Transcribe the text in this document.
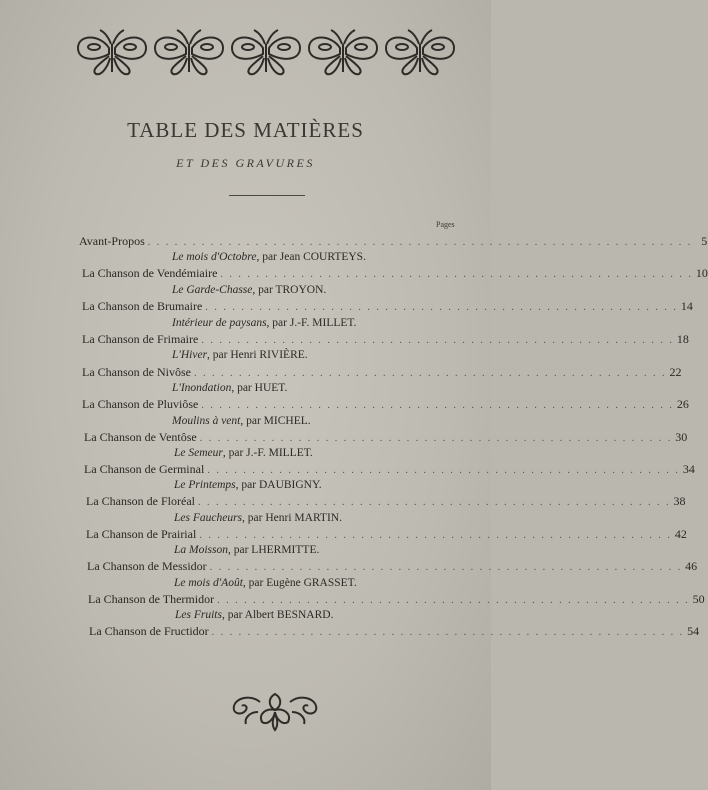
TABLE DES MATIÈRES
ET DES GRAVURES
Pages
Avant-Propos . . . . . . . . . . . . . . . . . . . . . . . . . . . . . . . . . . . . . . . . . . . . . . . . . . . . . . . . . . . . . 5
Le mois d'Octobre, par Jean COURTEYS.
La Chanson de Vendémiaire . . . . . . . . . . . . . . . . . . . . . . . . . . . . . . . . . . . . . . . . . . . . . . . . . . . . . 10
Le Garde-Chasse, par TROYON.
La Chanson de Brumaire . . . . . . . . . . . . . . . . . . . . . . . . . . . . . . . . . . . . . . . . . . . . . . . . . . . . . 14
Intérieur de paysans, par J.-F. MILLET.
La Chanson de Frimaire . . . . . . . . . . . . . . . . . . . . . . . . . . . . . . . . . . . . . . . . . . . . . . . . . . . . . 18
L'Hiver, par Henri RIVIÈRE.
La Chanson de Nivôse . . . . . . . . . . . . . . . . . . . . . . . . . . . . . . . . . . . . . . . . . . . . . . . . . . . . . 22
L'Inondation, par HUET.
La Chanson de Pluviôse . . . . . . . . . . . . . . . . . . . . . . . . . . . . . . . . . . . . . . . . . . . . . . . . . . . . . 26
Moulins à vent, par MICHEL.
La Chanson de Ventôse . . . . . . . . . . . . . . . . . . . . . . . . . . . . . . . . . . . . . . . . . . . . . . . . . . . . . 30
Le Semeur, par J.-F. MILLET.
La Chanson de Germinal . . . . . . . . . . . . . . . . . . . . . . . . . . . . . . . . . . . . . . . . . . . . . . . . . . . . . 34
Le Printemps, par DAUBIGNY.
La Chanson de Floréal . . . . . . . . . . . . . . . . . . . . . . . . . . . . . . . . . . . . . . . . . . . . . . . . . . . . . 38
Les Faucheurs, par Henri MARTIN.
La Chanson de Prairial . . . . . . . . . . . . . . . . . . . . . . . . . . . . . . . . . . . . . . . . . . . . . . . . . . . . . 42
La Moisson, par LHERMITTE.
La Chanson de Messidor . . . . . . . . . . . . . . . . . . . . . . . . . . . . . . . . . . . . . . . . . . . . . . . . . . . . . 46
Le mois d'Août, par Eugène GRASSET.
La Chanson de Thermidor . . . . . . . . . . . . . . . . . . . . . . . . . . . . . . . . . . . . . . . . . . . . . . . . . . . . . 50
Les Fruits, par Albert BESNARD.
La Chanson de Fructidor . . . . . . . . . . . . . . . . . . . . . . . . . . . . . . . . . . . . . . . . . . . . . . . . . . . . . 54
